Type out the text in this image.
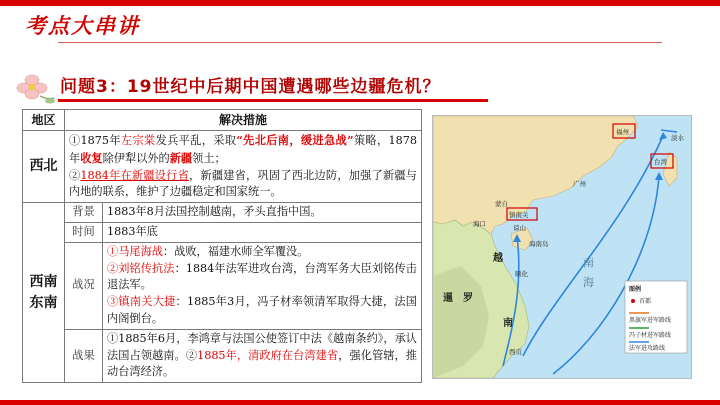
考点大串讲
问题3：19世纪中后期中国遭遇哪些边疆危机？
地区	解决措施	
西北	①1875年左宗棠发兵平乱，采取“先北后南，缓进急战”策略，1878年收复除伊犁以外的新疆领土；
②1884年在新疆设行省，新疆建省，巩固了西北边防，加强了新疆与内地的联系，维护了边疆稳定和国家统一。	
西南
东南	背景	1883年8月法国控制越南，矛头直指中国。
	时间	1883年底
	战况	①马尾海战：战败，福建水师全军覆没。
②刘铭传抗法：1884年法军进攻台湾，台湾军务大臣刘铭传击退法军。
③镇南关大捷：1885年3月，冯子材率领清军取得大捷，法国内阁倒台。
	战果	①1885年6月，李鸿章与法国公使签订中法《越南条约》，承认法国占领越南。②1885年，清政府在台湾建省，强化管辖，推动台湾经济。
福州
淡水
台湾
广州
蒙自
海口
镇南关
谅山
越
南
罗
暹
顺化
西贡
海南岛
南
海
图例
首都
黑旗军进军路线
冯子材进军路线
法军进攻路线
